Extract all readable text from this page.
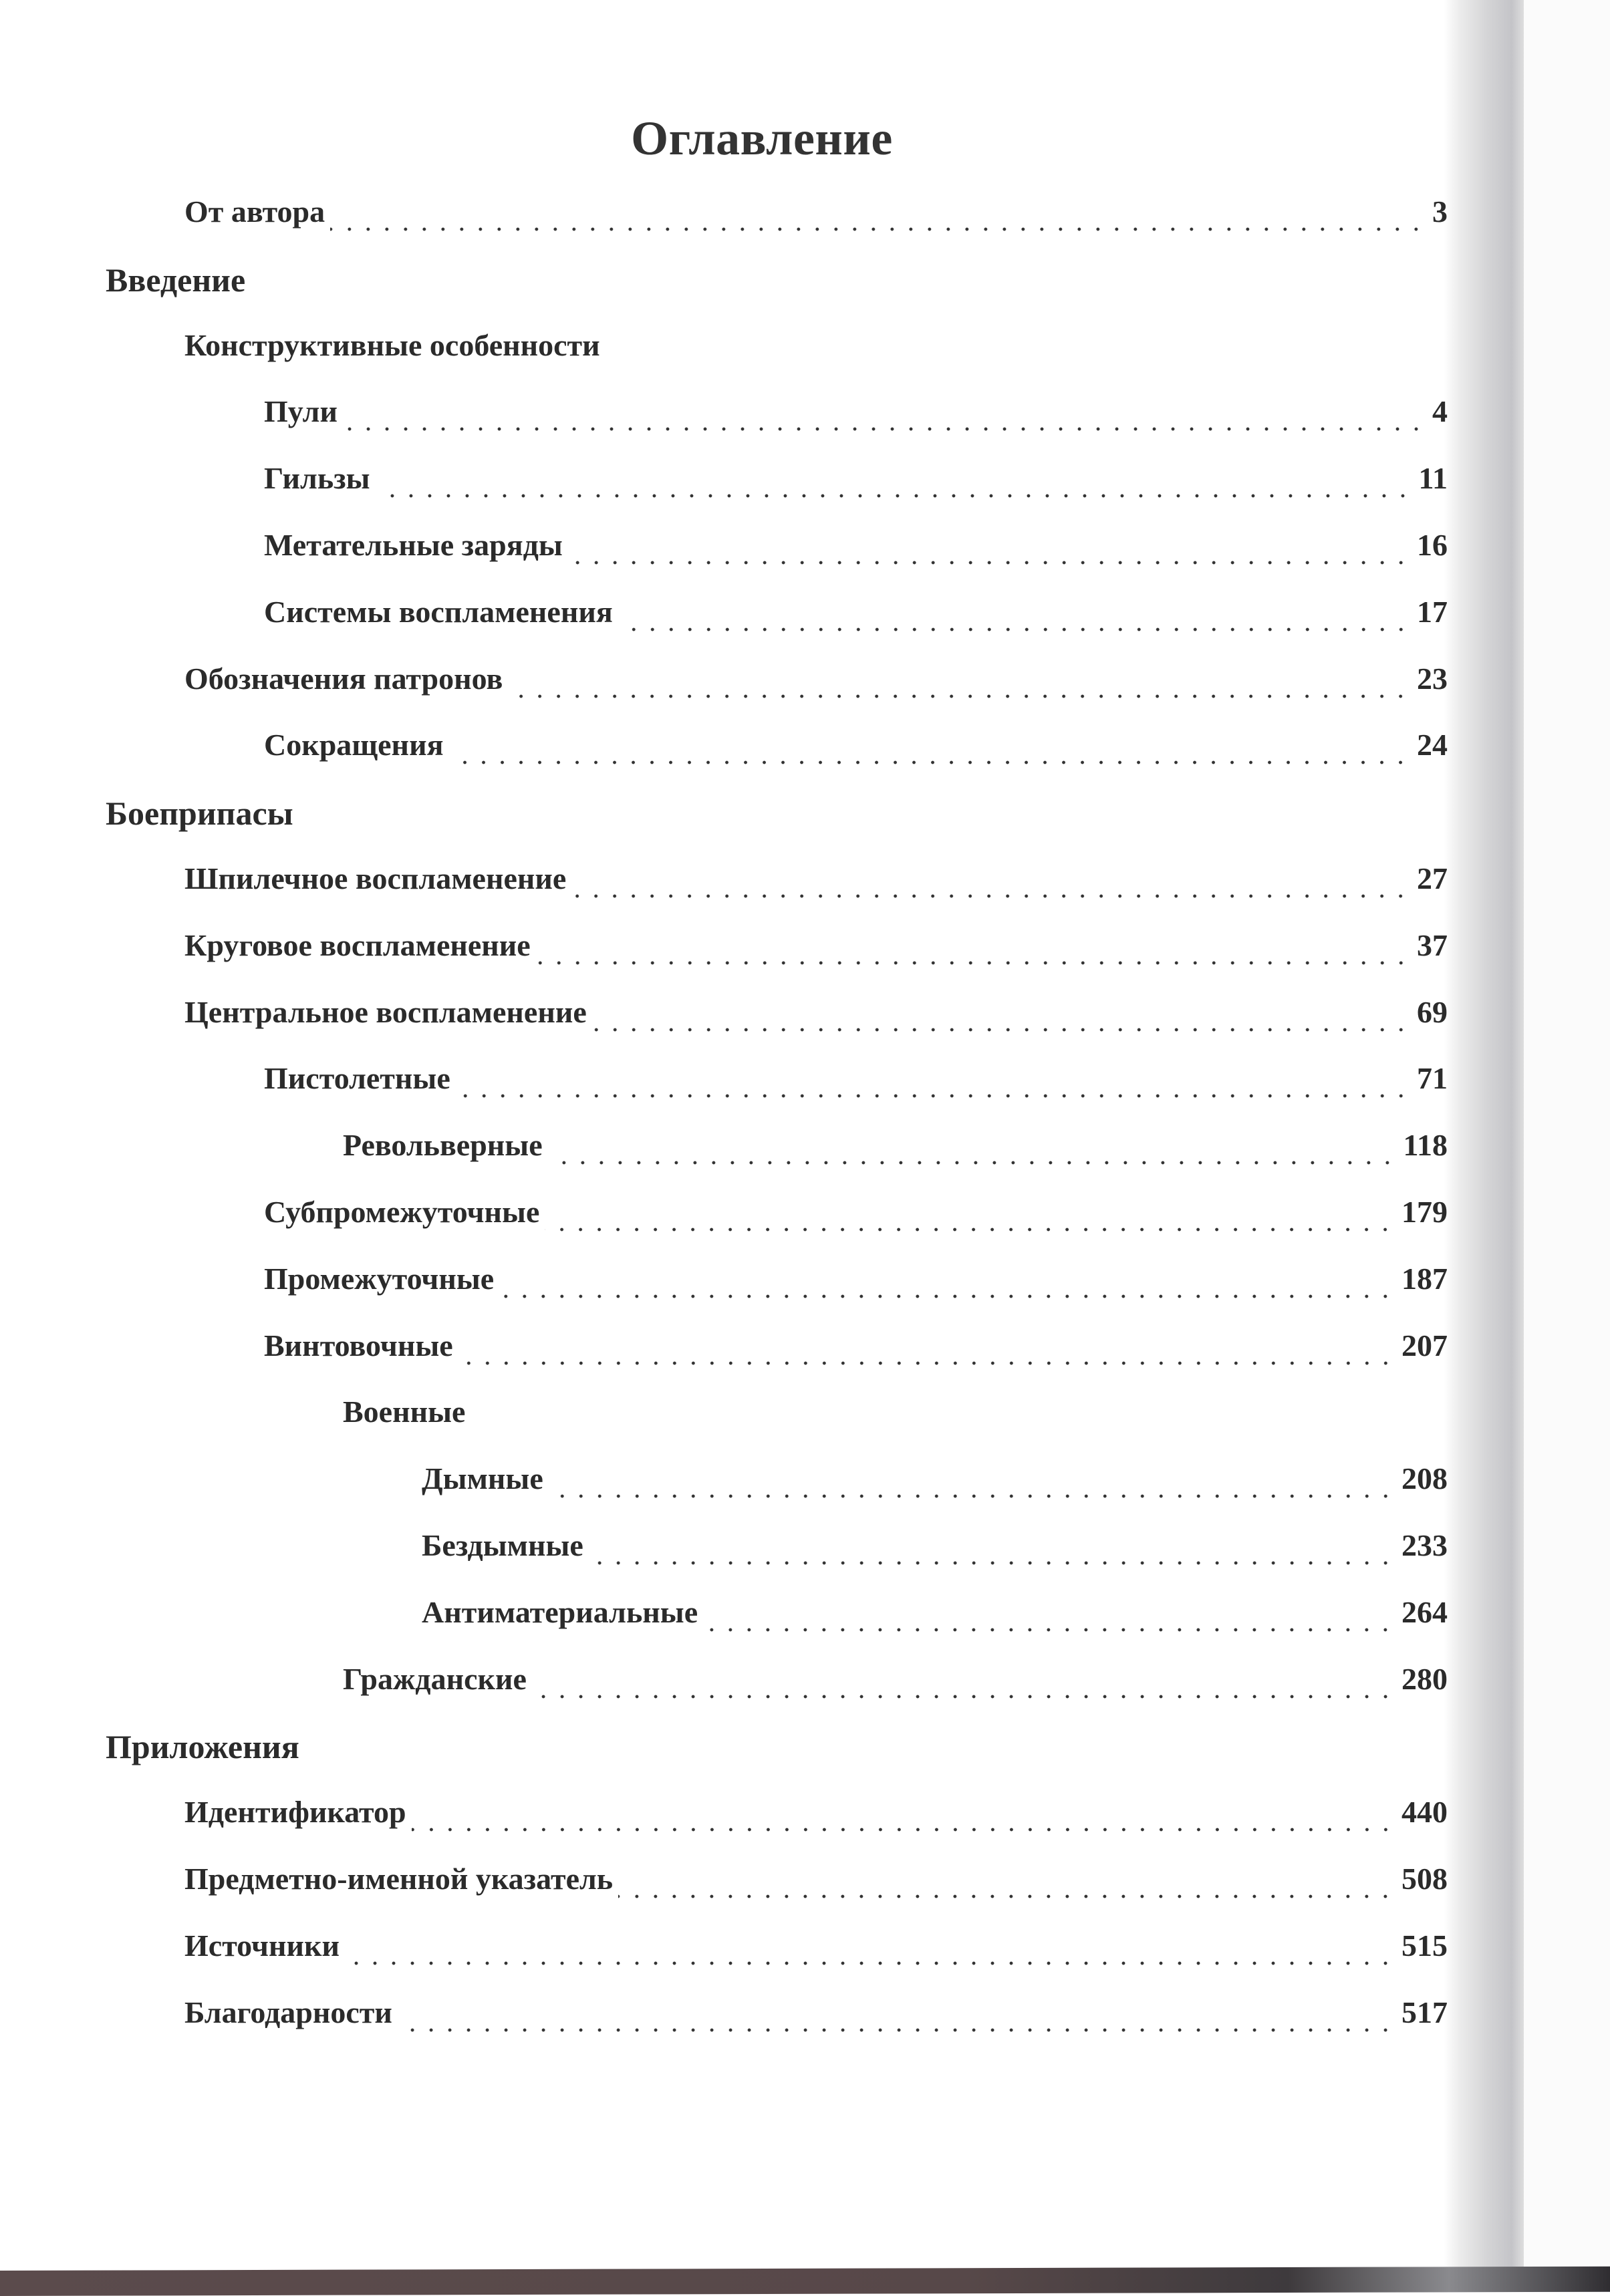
Оглавление
От автора	3
Введение
Конструктивные особенности
Пули	4
Гильзы	11
Метательные заряды	16
Системы воспламенения	17
Обозначения патронов	23
Сокращения	24
Боеприпасы
Шпилечное воспламенение	27
Круговое воспламенение	37
Центральное воспламенение	69
Пистолетные	71
Револьверные	118
Субпромежуточные	179
Промежуточные	187
Винтовочные	207
Военные
Дымные	208
Бездымные	233
Антиматериальные	264
Гражданские	280
Приложения
Идентификатор	440
Предметно-именной указатель	508
Источники	515
Благодарности	517
